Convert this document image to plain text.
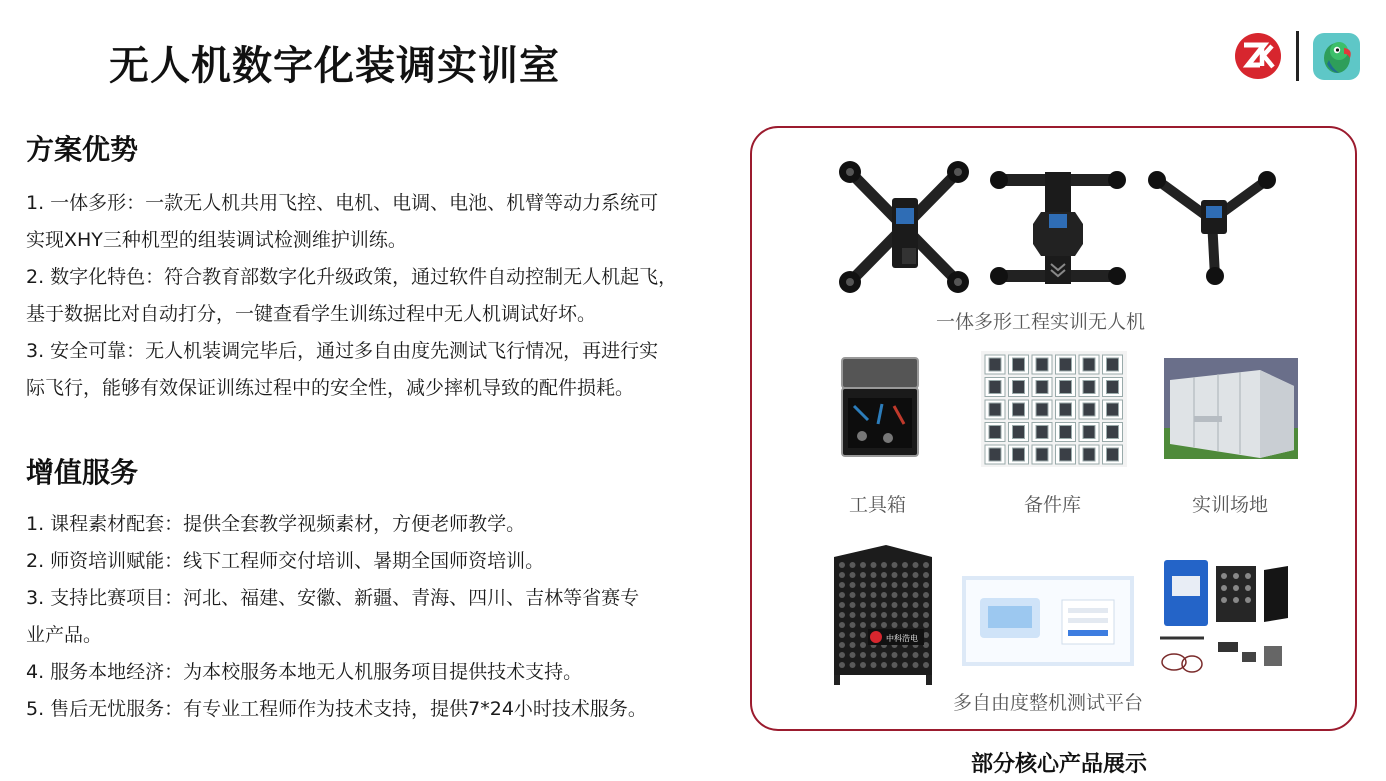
无人机数字化装调实训室
方案优势

1. 一体多形：一款无人机共用飞控、电机、电调、电池、机臂等动力系统可

实现XHY三种机型的组装调试检测维护训练。

2. 数字化特色：符合教育部数字化升级政策，通过软件自动控制无人机起飞，

基于数据比对自动打分，一键查看学生训练过程中无人机调试好坏。

3. 安全可靠：无人机装调完毕后，通过多自由度先测试飞行情况，再进行实

际飞行，能够有效保证训练过程中的安全性，减少摔机导致的配件损耗。

增值服务

1. 课程素材配套：提供全套教学视频素材，方便老师教学。

2. 师资培训赋能：线下工程师交付培训、暑期全国师资培训。

3. 支持比赛项目：河北、福建、安徽、新疆、青海、四川、吉林等省赛专

业产品。

4. 服务本地经济：为本校服务本地无人机服务项目提供技术支持。

5. 售后无忧服务：有专业工程师作为技术支持，提供7*24小时技术服务。

一体多形工程实训无人机
工具箱	备件库	实训场地
中科浩电
多自由度整机测试平台
部分核心产品展示
